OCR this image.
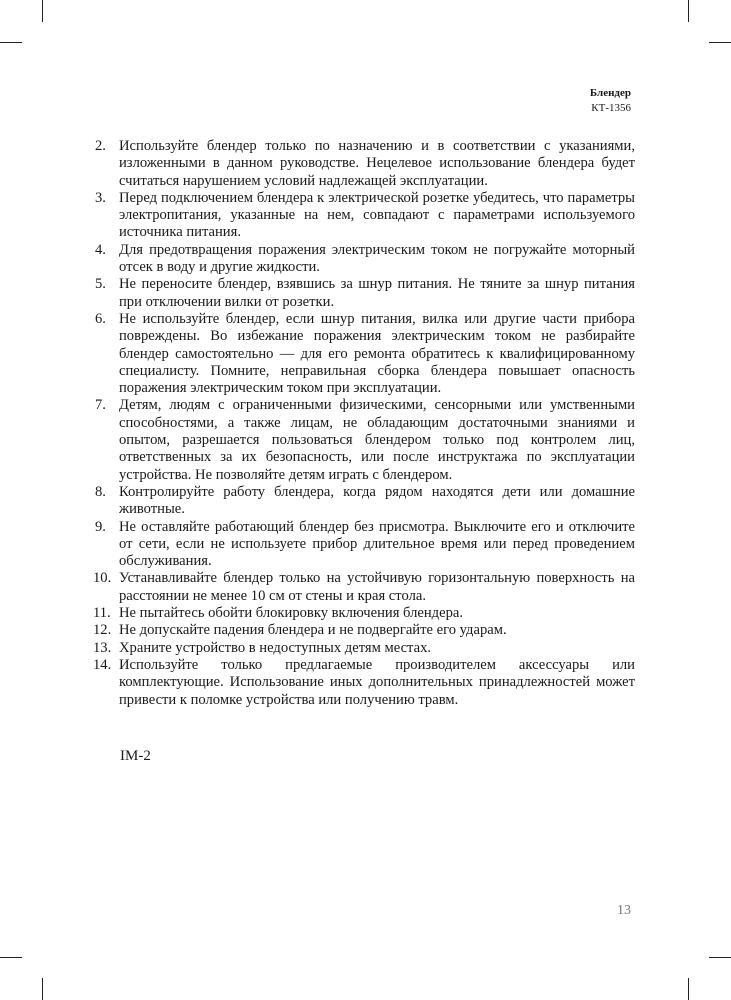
Блендер
КТ-1356
2. Используйте блендер только по назначению и в соответствии с указаниями, изложенными в данном руководстве. Нецелевое использование блендера будет считаться нарушением условий надлежащей эксплуатации.
3. Перед подключением блендера к электрической розетке убедитесь, что параметры электропитания, указанные на нем, совпадают с параметрами используемого источника питания.
4. Для предотвращения поражения электрическим током не погружайте моторный отсек в воду и другие жидкости.
5. Не переносите блендер, взявшись за шнур питания. Не тяните за шнур питания при отключении вилки от розетки.
6. Не используйте блендер, если шнур питания, вилка или другие части прибора повреждены. Во избежание поражения электрическим током не разбирайте блендер самостоятельно — для его ремонта обратитесь к квалифицированному специалисту. Помните, неправильная сборка блендера повышает опасность поражения электрическим током при эксплуатации.
7. Детям, людям с ограниченными физическими, сенсорными или умственными способностями, а также лицам, не обладающим достаточными знаниями и опытом, разрешается пользоваться блендером только под контролем лиц, ответственных за их безопасность, или после инструктажа по эксплуатации устройства. Не позволяйте детям играть с блендером.
8. Контролируйте работу блендера, когда рядом находятся дети или домашние животные.
9. Не оставляйте работающий блендер без присмотра. Выключите его и отключите от сети, если не используете прибор длительное время или перед проведением обслуживания.
10. Устанавливайте блендер только на устойчивую горизонтальную поверхность на расстоянии не менее 10 см от стены и края стола.
11. Не пытайтесь обойти блокировку включения блендера.
12. Не допускайте падения блендера и не подвергайте его ударам.
13. Храните устройство в недоступных детям местах.
14. Используйте только предлагаемые производителем аксессуары или комплектующие. Использование иных дополнительных принадлежностей может привести к поломке устройства или получению травм.
IM-2
13
